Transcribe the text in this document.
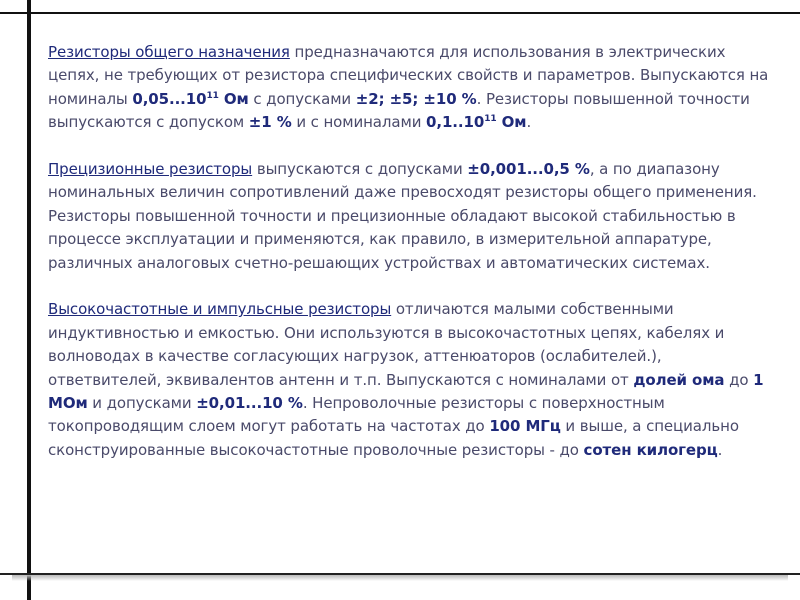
Резисторы общего назначения предназначаются для использования в электрических цепях, не требующих от резистора специфических свойств и параметров. Выпускаются на номиналы 0,05...10$^{11}$ Ом с допусками ±2; ±5; ±10 %. Резисторы повышенной точности выпускаются с допуском ±1 % и с номиналами 0,1..10$^{11}$ Ом.

Прецизионные резисторы выпускаются с допусками ±0,001...0,5 %, а по диапазону номинальных величин сопротивлений даже превосходят резисторы общего применения. Резисторы повышенной точности и прецизионные обладают высокой стабильностью в процессе эксплуатации и применяются, как правило, в измерительной аппаратуре, различных аналоговых счетно-решающих устройствах и автоматических системах.

Высокочастотные и импульсные резисторы отличаются малыми собственными индуктивностью и емкостью. Они используются в высокочастотных цепях, кабелях и волноводах в качестве согласующих нагрузок, аттенюаторов (ослабителей.), ответвителей, эквивалентов антенн и т.п. Выпускаются с номиналами от долей ома до 1 МОм и допусками ±0,01...10 %. Непроволочные резисторы с поверхностным токопроводящим слоем могут работать на частотах до 100 МГц и выше, а специально сконструированные высокочастотные проволочные резисторы - до сотен килогерц.
